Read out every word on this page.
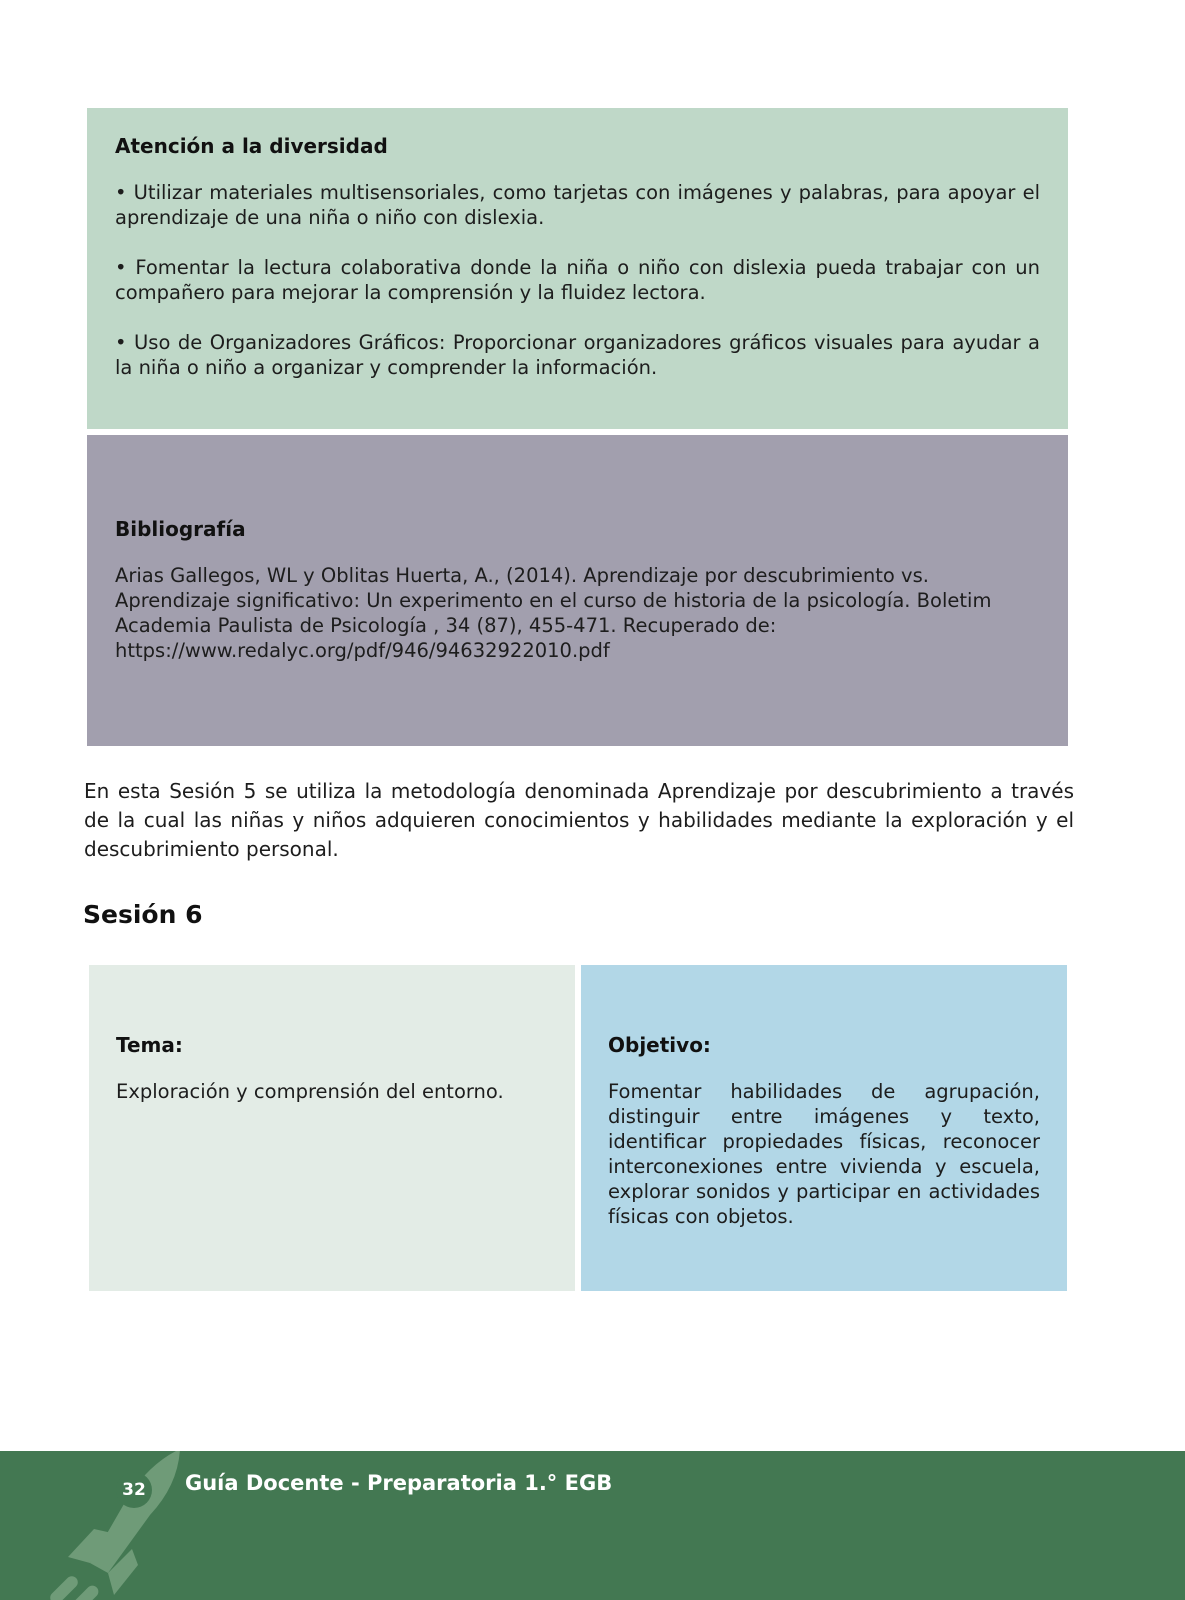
Atención a la diversidad

• Utilizar materiales multisensoriales, como tarjetas con imágenes y palabras, para apoyar el aprendizaje de una niña o niño con dislexia.

• Fomentar la lectura colaborativa donde la niña o niño con dislexia pueda trabajar con un compañero para mejorar la comprensión y la fluidez lectora.

• Uso de Organizadores Gráficos: Proporcionar organizadores gráficos visuales para ayudar a la niña o niño a organizar y comprender la información.

Bibliografía

Arias Gallegos, WL y Oblitas Huerta, A., (2014). Aprendizaje por descubrimiento vs. Aprendizaje significativo: Un experimento en el curso de historia de la psicología. Boletim Academia Paulista de Psicología , 34 (87), 455-471. Recuperado de: https://www.redalyc.org/pdf/946/94632922010.pdf

En esta Sesión 5 se utiliza la metodología denominada Aprendizaje por descubrimiento a través de la cual las niñas y niños adquieren conocimientos y habilidades mediante la exploración y el descubrimiento personal.

Sesión 6

Tema:

Exploración y comprensión del entorno.

Objetivo:

Fomentar habilidades de agrupación, distinguir entre imágenes y texto, identificar propiedades físicas, reconocer interconexiones entre vivienda y escuela, explorar sonidos y participar en actividades físicas con objetos.

32 Guía Docente - Preparatoria 1.° EGB
